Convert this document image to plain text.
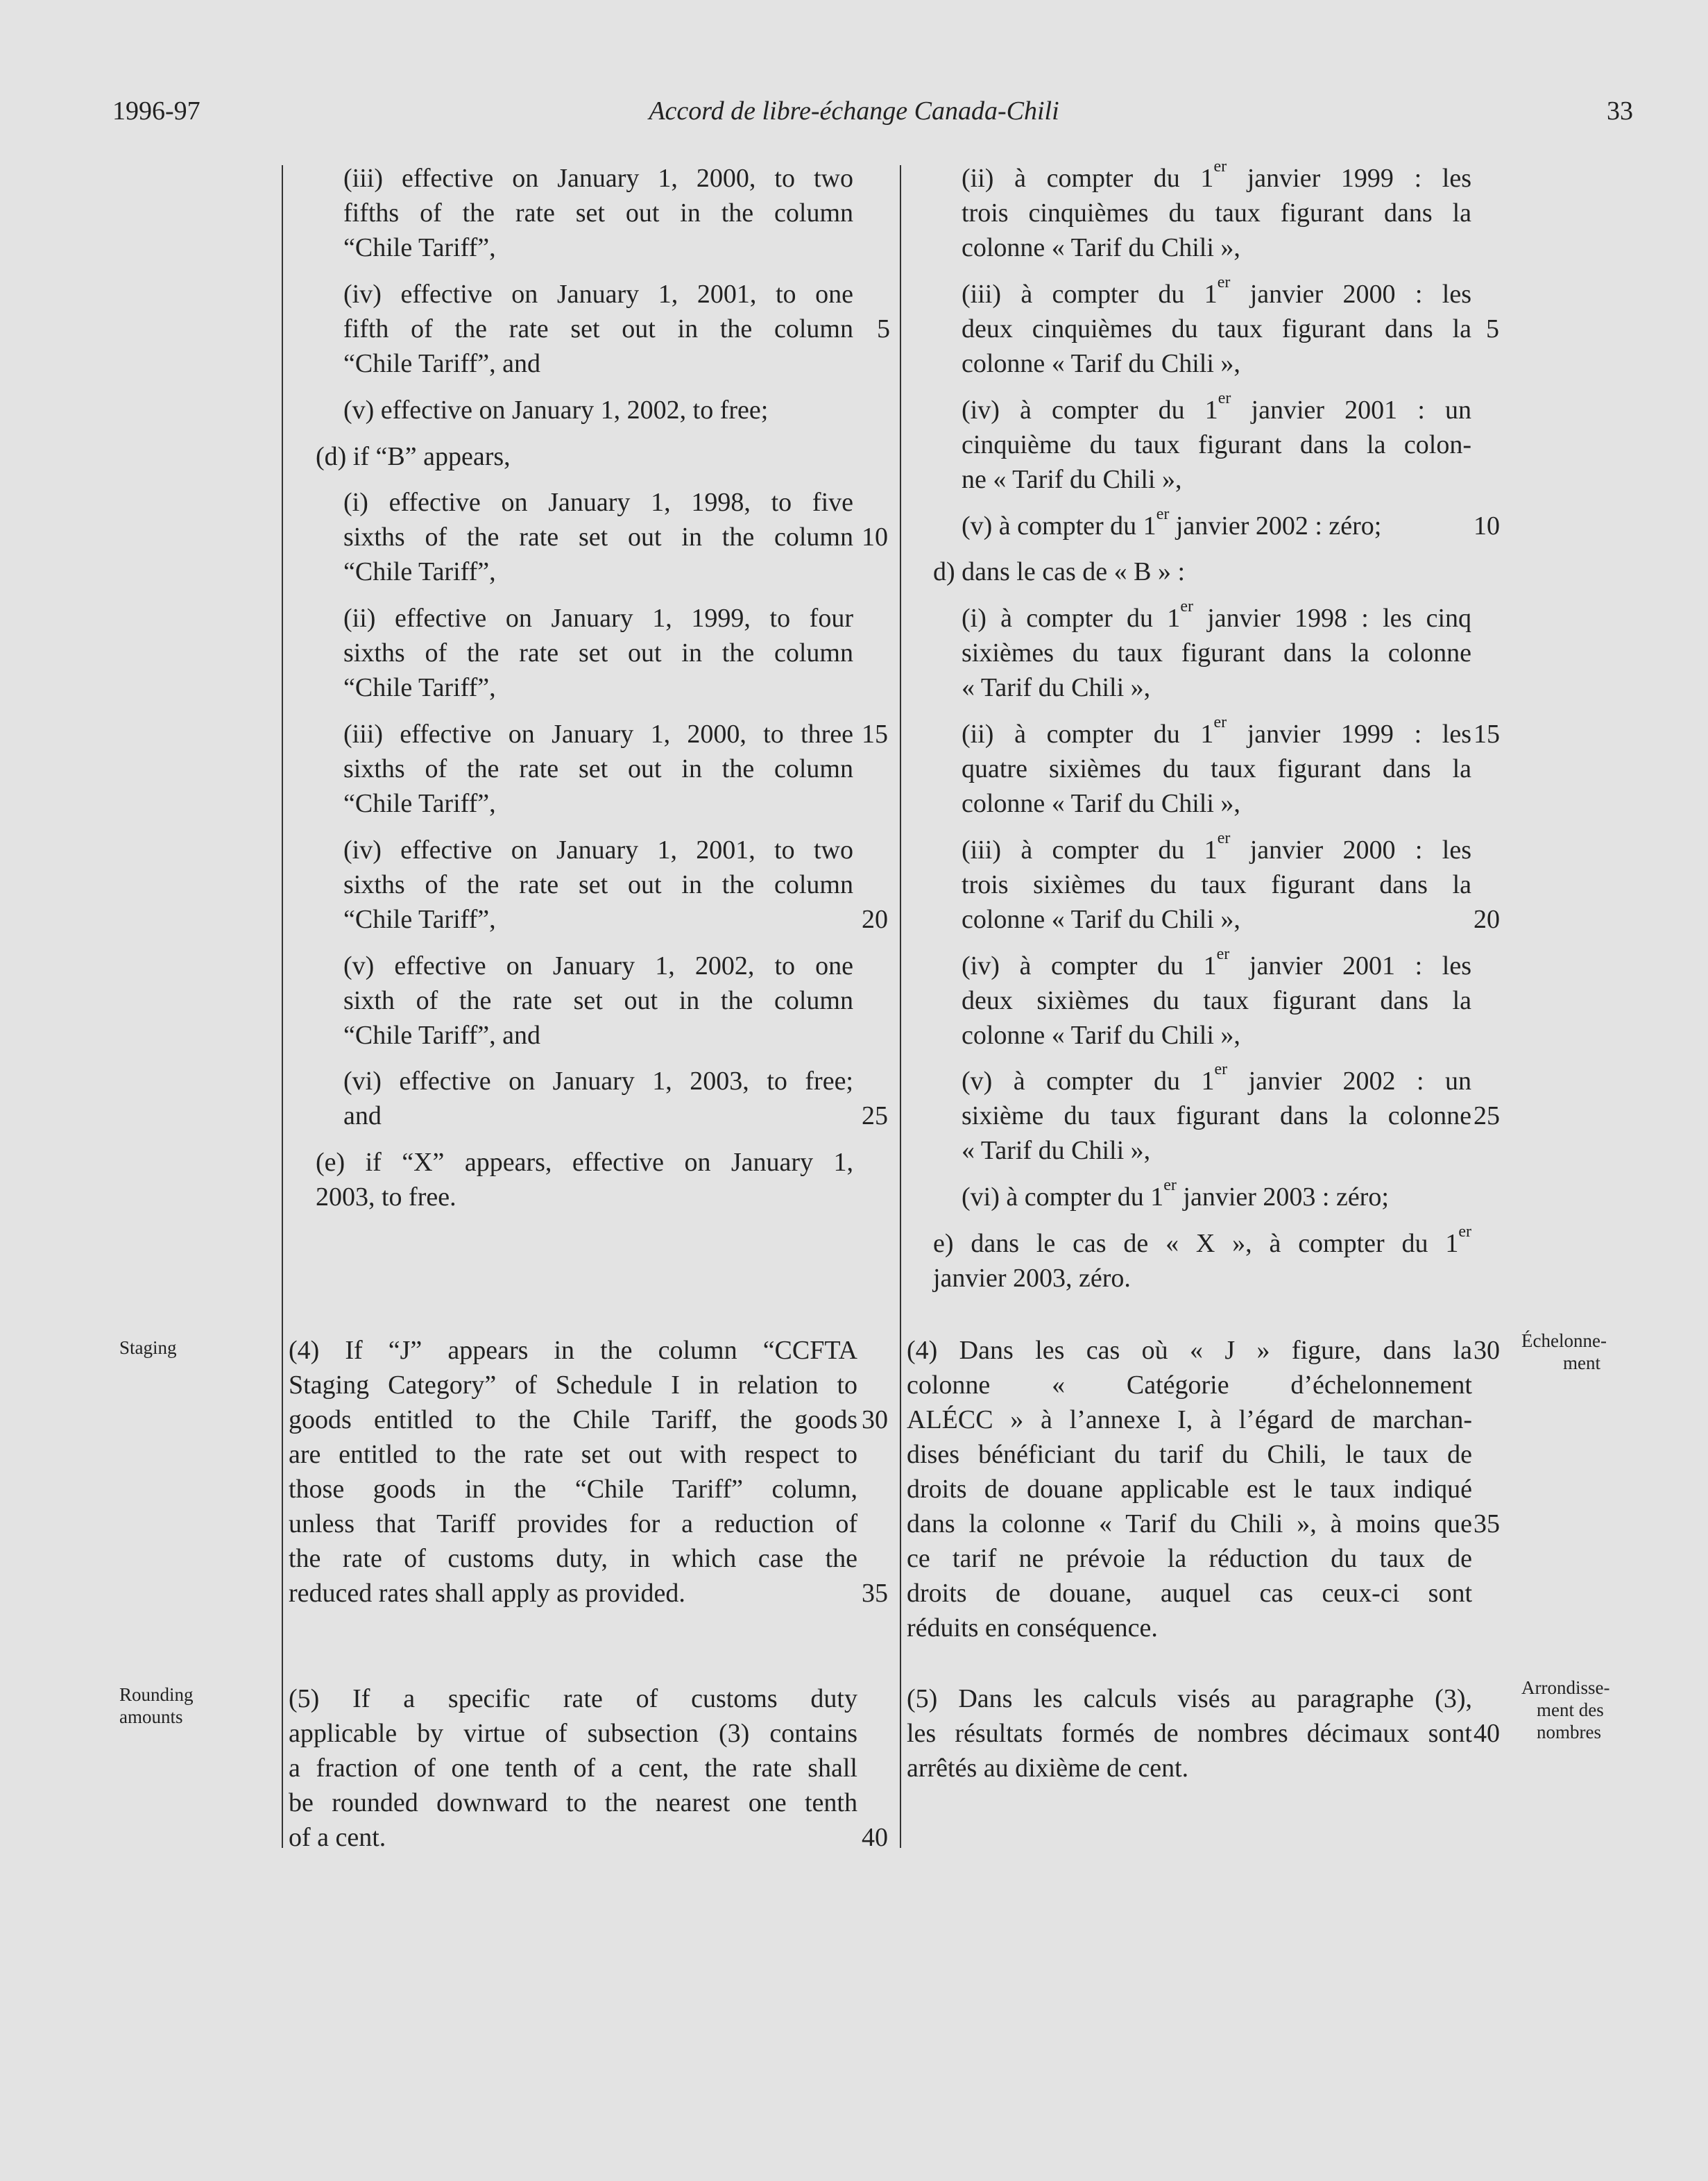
1996-97	Accord de libre-échange Canada-Chili	33
(iii) effective on January 1, 2000, to two
fifths of the rate set out in the column
“Chile Tariff”,
(iv) effective on January 1, 2001, to one
fifth of the rate set out in the column
“Chile Tariff”, and
(v) effective on January 1, 2002, to free;
(d) if “B” appears,
(i) effective on January 1, 1998, to five
sixths of the rate set out in the column
“Chile Tariff”,
(ii) effective on January 1, 1999, to four
sixths of the rate set out in the column
“Chile Tariff”,
(iii) effective on January 1, 2000, to three
sixths of the rate set out in the column
“Chile Tariff”,
(iv) effective on January 1, 2001, to two
sixths of the rate set out in the column
“Chile Tariff”,
(v) effective on January 1, 2002, to one
sixth of the rate set out in the column
“Chile Tariff”, and
(vi) effective on January 1, 2003, to free;
and
(e) if “X” appears, effective on January 1,
2003, to free.
(4) If “J” appears in the column “CCFTA
Staging Category” of Schedule I in relation to
goods entitled to the Chile Tariff, the goods
are entitled to the rate set out with respect to
those goods in the “Chile Tariff” column,
unless that Tariff provides for a reduction of
the rate of customs duty, in which case the
reduced rates shall apply as provided.
(5) If a specific rate of customs duty
applicable by virtue of subsection (3) contains
a fraction of one tenth of a cent, the rate shall
be rounded downward to the nearest one tenth
of a cent.
5
10
15
20
25
30
35
40
(ii) à compter du 1er janvier 1999 : les
trois cinquièmes du taux figurant dans la
colonne « Tarif du Chili »,
(iii) à compter du 1er janvier 2000 : les
deux cinquièmes du taux figurant dans la
colonne « Tarif du Chili »,
(iv) à compter du 1er janvier 2001 : un
cinquième du taux figurant dans la colon-
ne « Tarif du Chili »,
(v) à compter du 1er janvier 2002 : zéro;
d) dans le cas de « B » :
(i) à compter du 1er janvier 1998 : les cinq
sixièmes du taux figurant dans la colonne
« Tarif du Chili »,
(ii) à compter du 1er janvier 1999 : les
quatre sixièmes du taux figurant dans la
colonne « Tarif du Chili »,
(iii) à compter du 1er janvier 2000 : les
trois sixièmes du taux figurant dans la
colonne « Tarif du Chili »,
(iv) à compter du 1er janvier 2001 : les
deux sixièmes du taux figurant dans la
colonne « Tarif du Chili »,
(v) à compter du 1er janvier 2002 : un
sixième du taux figurant dans la colonne
« Tarif du Chili »,
(vi) à compter du 1er janvier 2003 : zéro;
e) dans le cas de « X », à compter du 1er
janvier 2003, zéro.
(4) Dans les cas où « J » figure, dans la
colonne « Catégorie d’échelonnement
ALÉCC » à l’annexe I, à l’égard de marchan-
dises bénéficiant du tarif du Chili, le taux de
droits de douane applicable est le taux indiqué
dans la colonne « Tarif du Chili », à moins que
ce tarif ne prévoie la réduction du taux de
droits de douane, auquel cas ceux-ci sont
réduits en conséquence.
(5) Dans les calculs visés au paragraphe (3),
les résultats formés de nombres décimaux sont
arrêtés au dixième de cent.
5
10
15
20
25
30
35
40
Staging
Rounding
amounts
Échelonne-
ment
Arrondisse-
ment des
nombres
